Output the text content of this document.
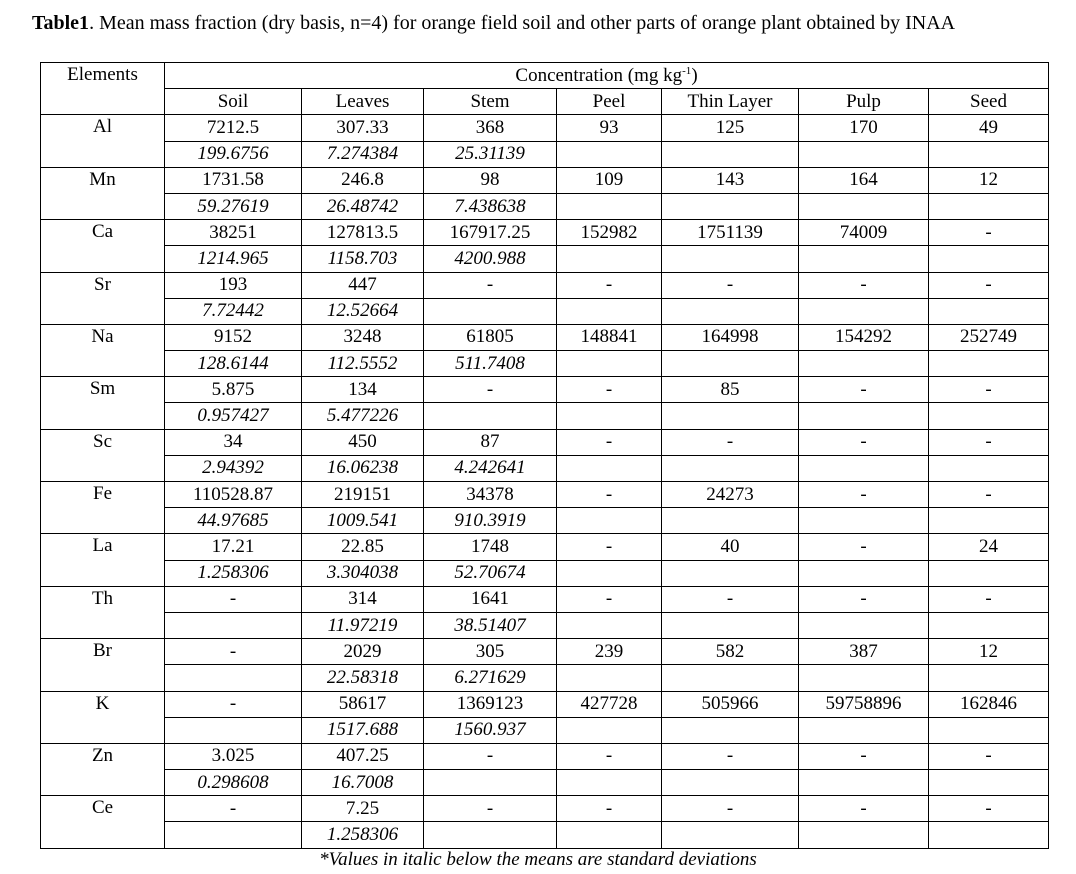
Table1. Mean mass fraction (dry basis, n=4) for orange field soil and other parts of orange plant obtained by INAA
Elements	Concentration (mg $kg^{-1}$)						
	Soil	Leaves	Stem	Peel	Thin Layer	Pulp	Seed
Al	7212.5	307.33	368	93	125	170	49
	199.6756	7.274384	25.31139				
Mn	1731.58	246.8	98	109	143	164	12
	59.27619	26.48742	7.438638				
Ca	38251	127813.5	167917.25	152982	1751139	74009	-
	1214.965	1158.703	4200.988				
Sr	193	447	-	-	-	-	-
	7.72442	12.52664					
Na	9152	3248	61805	148841	164998	154292	252749
	128.6144	112.5552	511.7408				
Sm	5.875	134	-	-	85	-	-
	0.957427	5.477226					
Sc	34	450	87	-	-	-	-
	2.94392	16.06238	4.242641				
Fe	110528.87	219151	34378	-	24273	-	-
	44.97685	1009.541	910.3919				
La	17.21	22.85	1748	-	40	-	24
	1.258306	3.304038	52.70674				
Th	-	314	1641	-	-	-	-
		11.97219	38.51407				
Br	-	2029	305	239	582	387	12
		22.58318	6.271629				
K	-	58617	1369123	427728	505966	59758896	162846
		1517.688	1560.937				
Zn	3.025	407.25	-	-	-	-	-
	0.298608	16.7008					
Ce	-	7.25	-	-	-	-	-
		1.258306					
*Values in italic below the means are standard deviations
